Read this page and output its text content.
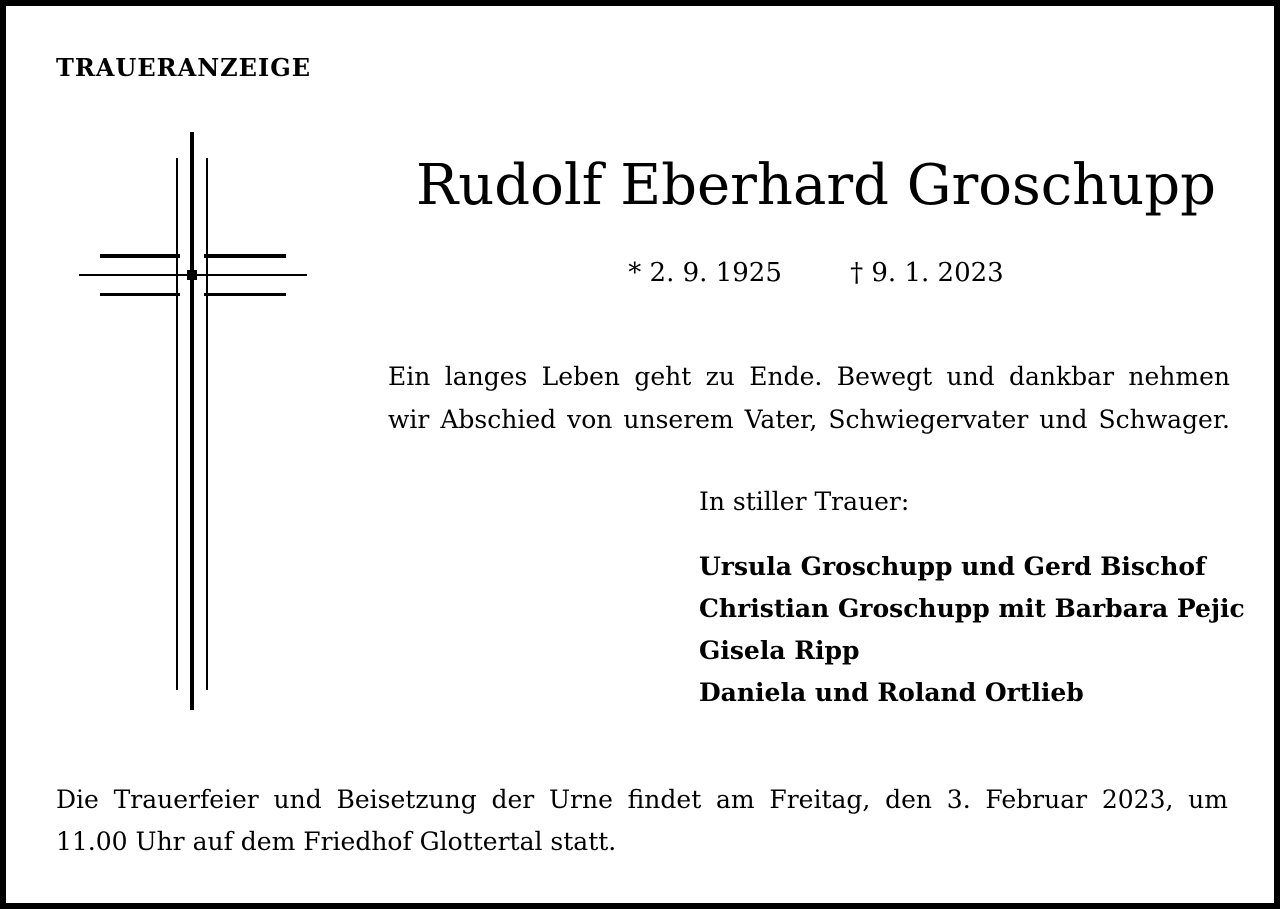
TRAUERANZEIGE
Rudolf Eberhard Groschupp
* 2. 9. 1925	† 9. 1. 2023
Ein langes Leben geht zu Ende. Bewegt und dankbar nehmen
wir Abschied von unserem Vater, Schwiegervater und Schwager.
In stiller Trauer:
Ursula Groschupp und Gerd Bischof
Christian Groschupp mit Barbara Pejic
Gisela Ripp
Daniela und Roland Ortlieb
Die Trauerfeier und Beisetzung der Urne findet am Freitag, den 3. Februar 2023, um
11.00 Uhr auf dem Friedhof Glottertal statt.
